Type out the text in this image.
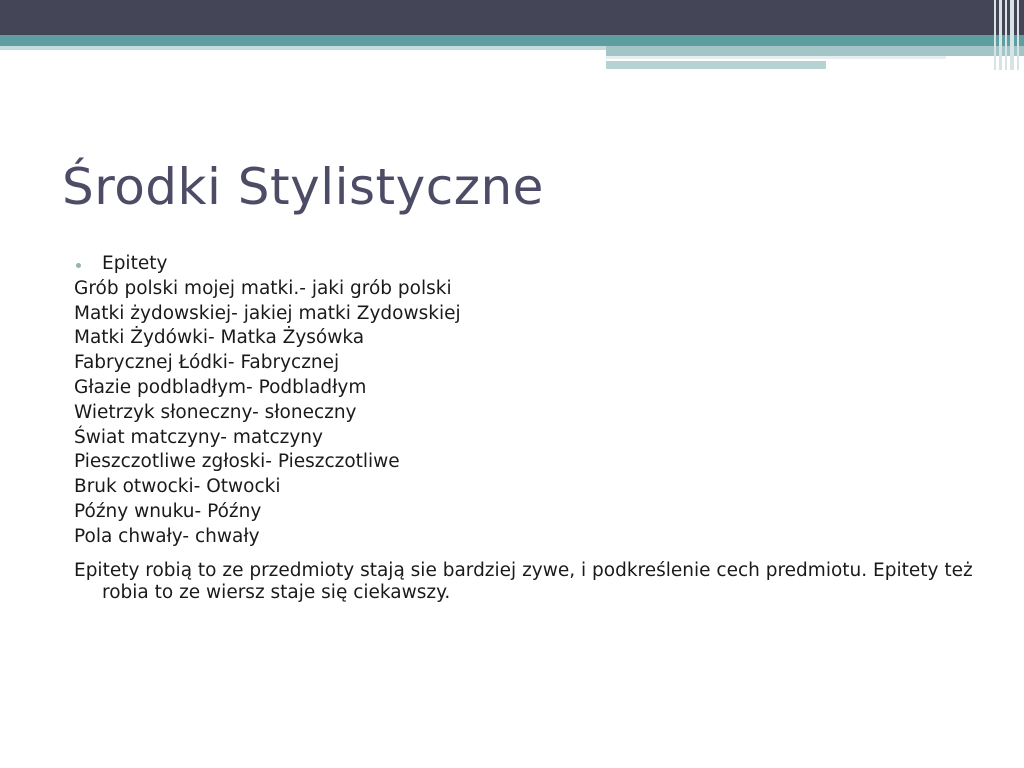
Środki Stylistyczne
Epitety
Grób polski mojej matki.- jaki grób polski
Matki żydowskiej- jakiej matki Zydowskiej
Matki Żydówki- Matka Żysówka
Fabrycznej Łódki- Fabrycznej
Głazie podbladłym- Podbladłym
Wietrzyk słoneczny- słoneczny
Świat matczyny- matczyny
Pieszczotliwe zgłoski- Pieszczotliwe
Bruk otwocki- Otwocki
Późny wnuku- Późny
Pola chwały- chwały
Epitety robią to ze przedmioty stają sie bardziej zywe, i podkreślenie cech predmiotu. Epitety też robia to ze wiersz staje się ciekawszy.
